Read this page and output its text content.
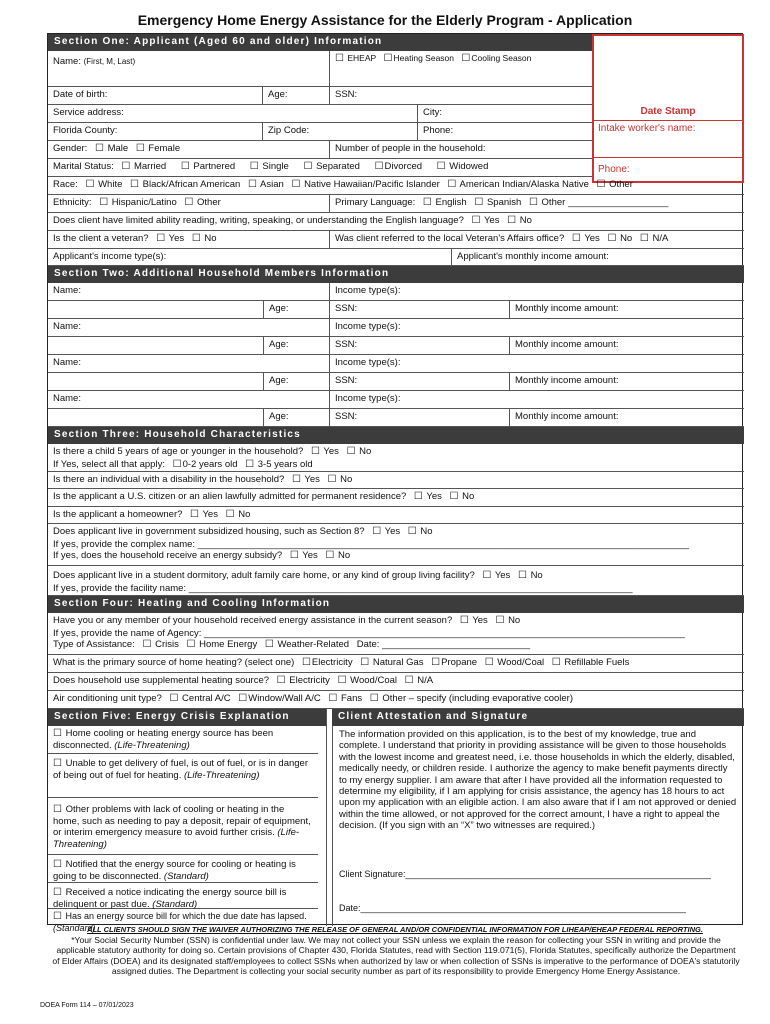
Emergency Home Energy Assistance for the Elderly Program - Application
Section One: Applicant (Aged 60 and older) Information
Name: (First, M, Last)	☐ EHEAP ☐Heating Season ☐Cooling Season
Date of birth:	Age:	SSN:
Service address:	City:
Florida County:	Zip Code:	Phone:
Gender: ☐ Male ☐ Female	Number of people in the household:
Marital Status: ☐ Married ☐ Partnered ☐ Single ☐ Separated ☐Divorced ☐ Widowed
Date Stamp
Intake worker's name:
Phone:
Race: ☐ White ☐ Black/African American ☐ Asian ☐ Native Hawaiian/Pacific Islander ☐ American Indian/Alaska Native ☐ Other
Ethnicity: ☐ Hispanic/Latino ☐ Other	Primary Language: ☐ English ☐ Spanish ☐ Other ___________________
Does client have limited ability reading, writing, speaking, or understanding the English language? ☐ Yes ☐ No
Is the client a veteran? ☐ Yes ☐ No	Was client referred to the local Veteran's Affairs office? ☐ Yes ☐ No ☐ N/A
Applicant's income type(s):	Applicant's monthly income amount:
Section Two: Additional Household Members Information
Name:	Income type(s):
Age:	SSN:	Monthly income amount:
Name:	Income type(s):
Age:	SSN:	Monthly income amount:
Name:	Income type(s):
Age:	SSN:	Monthly income amount:
Name:	Income type(s):
Age:	SSN:	Monthly income amount:
Section Three: Household Characteristics
Is there a child 5 years of age or younger in the household? ☐ Yes ☐ No
If Yes, select all that apply: ☐0-2 years old ☐ 3-5 years old
Is there an individual with a disability in the household? ☐ Yes ☐ No
Is the applicant a U.S. citizen or an alien lawfully admitted for permanent residence? ☐ Yes ☐ No
Is the applicant a homeowner? ☐ Yes ☐ No
Does applicant live in government subsidized housing, such as Section 8? ☐ Yes ☐ No
If yes, provide the complex name: _____________________________________________________________________________________________
If yes, does the household receive an energy subsidy? ☐ Yes ☐ No
Does applicant live in a student dormitory, adult family care home, or any kind of group living facility? ☐ Yes ☐ No
If yes, provide the facility name: ____________________________________________________________________________________
Section Four: Heating and Cooling Information
Have you or any member of your household received energy assistance in the current season? ☐ Yes ☐ No
If yes, provide the name of Agency: ___________________________________________________________________________________________
Type of Assistance: ☐ Crisis ☐ Home Energy ☐ Weather-Related Date: ____________________________
What is the primary source of home heating? (select one) ☐Electricity ☐ Natural Gas ☐Propane ☐ Wood/Coal ☐ Refillable Fuels
Does household use supplemental heating source? ☐ Electricity ☐ Wood/Coal ☐ N/A
Air conditioning unit type? ☐ Central A/C ☐Window/Wall A/C ☐ Fans ☐ Other – specify (including evaporative cooler)
Section Five: Energy Crisis Explanation	Client Attestation and Signature
☐ Home cooling or heating energy source has been disconnected. (Life-Threatening)
☐ Unable to get delivery of fuel, is out of fuel, or is in danger of being out of fuel for heating. (Life-Threatening)
☐ Other problems with lack of cooling or heating in the home, such as needing to pay a deposit, repair of equipment, or interim emergency measure to avoid further crisis. (Life-Threatening)
☐ Notified that the energy source for cooling or heating is going to be disconnected. (Standard)
☐ Received a notice indicating the energy source bill is delinquent or past due. (Standard)
☐ Has an energy source bill for which the due date has lapsed. (Standard)
The information provided on this application, is to the best of my knowledge, true and complete. I understand that priority in providing assistance will be given to those households with the lowest income and greatest need, i.e. those households in which the elderly, disabled, medically needy, or children reside. I authorize the agency to make benefit payments directly to my energy supplier. I am aware that after I have provided all the information requested to determine my eligibility, if I am applying for crisis assistance, the agency has 18 hours to act upon my application with an eligible action. I am also aware that if I am not approved or denied within the time allowed, or not approved for the correct amount, I have a right to appeal the decision. (If you sign with an “X” two witnesses are required.)
Client Signature:_____________________________________________________________
Date:_________________________________________________________________
ALL CLIENTS SHOULD SIGN THE WAIVER AUTHORIZING THE RELEASE OF GENERAL AND/OR CONFIDENTIAL INFORMATION FOR LIHEAP/EHEAP FEDERAL REPORTING.
*Your Social Security Number (SSN) is confidential under law. We may not collect your SSN unless we explain the reason for collecting your SSN in writing and provide the applicable statutory authority for doing so. Certain provisions of Chapter 430, Florida Statutes, read with Section 119.071(5), Florida Statutes, specifically authorize the Department of Elder Affairs (DOEA) and its designated staff/employees to collect SSNs when authorized by law or when collection of SSNs is imperative to the performance of DOEA's statutorily assigned duties. The Department is collecting your social security number as part of its responsibility to provide Emergency Home Energy Assistance.
DOEA Form 114 – 07/01/2023
